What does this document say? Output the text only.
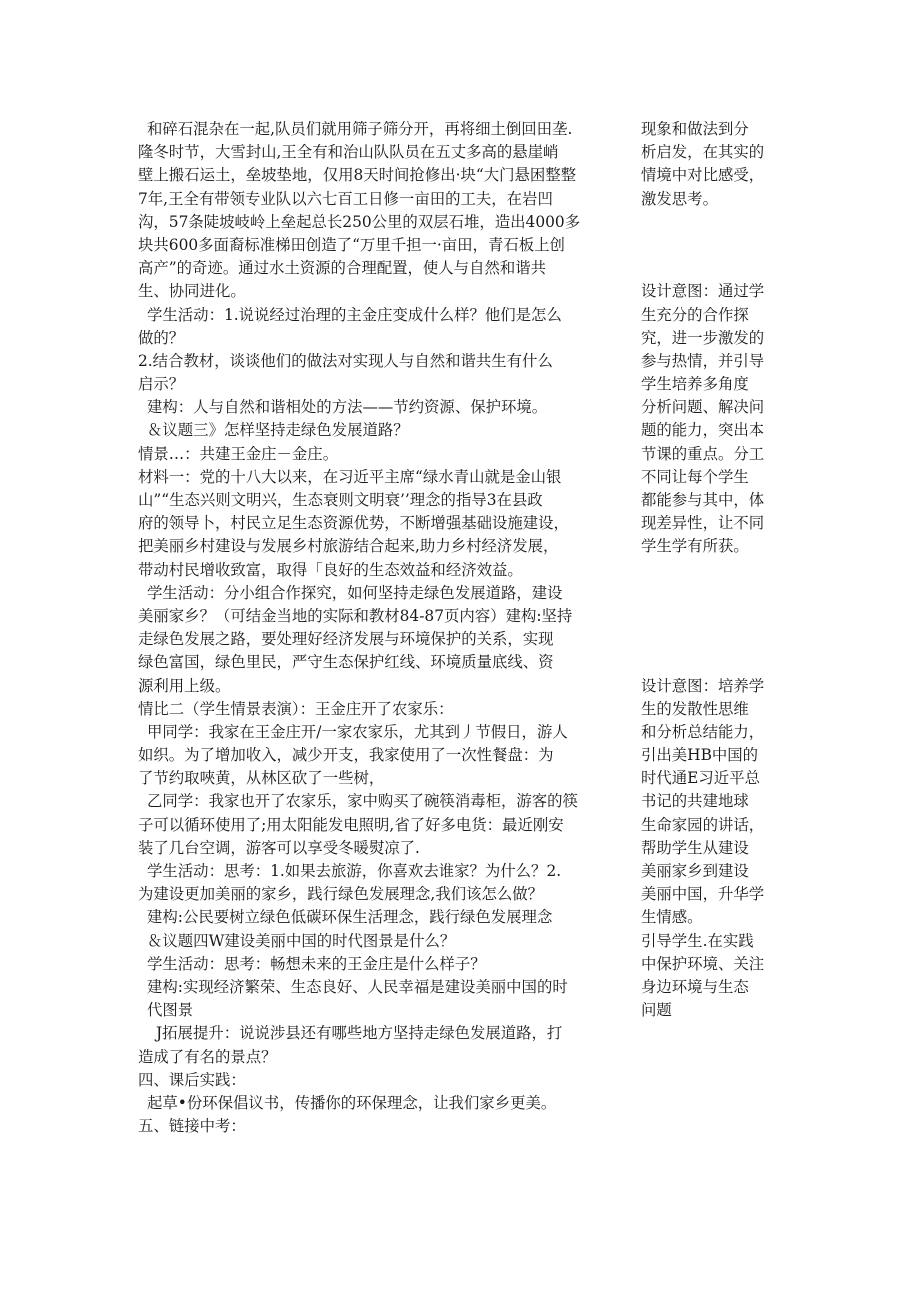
和碎石混杂在一起,队员们就用筛子筛分开，再将细土倒回田垄.
隆冬时节，大雪封山,王全有和治山队队员在五丈多高的悬崖峭
壁上搬石运土，垒坡垫地，仅用8天时间抢修出·块“大门悬困整整
7年,王全有带领专业队以六七百工日修一亩田的工夫，在岩凹
沟，57条陡坡岐岭上垒起总长250公里的双层石堆，造出4000多
块共600多面裔标准梯田创造了“万里千担一·亩田，青石板上创
高产”的奇迹。通过水土资源的合理配置，使人与自然和谐共
生、协同进化。
学生活动：1.说说经过治理的主金庄变成什么样？他们是怎么
做的？
2.结合教材，谈谈他们的做法对实现人与自然和谐共生有什么
启示？
建构：人与自然和谐相处的方法——节约资源、保护环境。
＆议题三》怎样坚持走绿色发展道路？
情景…：共建王金庄－金庄。
材料一：党的十八大以来，在习近平主席“绿水青山就是金山银
山”“生态兴则文明兴，生态衰则文明衰’’理念的指导3在县政
府的领导卜，村民立足生态资源优势，不断增强基础设施建设，
把美丽乡村建设与发展乡村旅游结合起来,助力乡村经济发展，
带动村民增收致富，取得「良好的生态效益和经济效益。
学生活动：分小组合作探究，如何坚持走绿色发展道路，建设
美丽家乡？（可结金当地的实际和教材84-87页内容）建构:坚持
走绿色发展之路，要处理好经济发展与环境保护的关系，实现
绿色富国，绿色里民，严守生态保护红线、环境质量底线、资
源利用上级。
情比二（学生情景表演）：王金庄开了农家乐：
甲同学：我家在王金庄开/一家农家乐，尤其到丿节假日，游人
如织。为了增加收入，减少开支，我家使用了一次性餐盘：为
了节约取唊黄，从林区砍了一些树，
乙同学：我家也开了农家乐，家中购买了碗筷消毒柜，游客的筷
子可以循环使用了;用太阳能发电照明,省了好多电货：最近刚安
装了几台空调，游客可以享受冬暖熨凉了.
学生活动：思考：1.如果去旅游，你喜欢去谁家？为什么？2.
为建设更加美丽的家乡，践行绿色发展理念,我们该怎么做？
建构:公民要树立绿色低碳环保生活理念，践行绿色发展理念
＆议题四W建设美丽中国的时代图景是什么？
学生活动：思考：畅想未来的王金庄是什么样子？
建构:实现经济繁荣、生态良好、人民幸福是建设美丽中国的时
代图景
J拓展提升：说说涉县还有哪些地方坚持走绿色发展道路，打
造成了有名的景点？
四、课后实践：
起草•份环保倡议书，传播你的环保理念，让我们家乡更美。
五、链接中考：
现象和做法到分
析启发，在其实的
情境中对比感受，
激发思考。
设计意图：通过学
生充分的合作探
究，进一步激发的
参与热情，并引导
学生培养多角度
分析问题、解决问
题的能力，突出本
节课的重点。分工
不同让每个学生
都能参与其中，体
现差异性，让不同
学生学有所获。
设计意图：培养学
生的发散性思维
和分析总结能力，
引出美HB中国的
时代通E习近平总
书记的共建地球
生命家园的讲话，
帮助学生从建设
美丽家乡到建设
美丽中国，升华学
生情感。
引导学生.在实践
中保护环境、关注
身边环境与生态
问题
